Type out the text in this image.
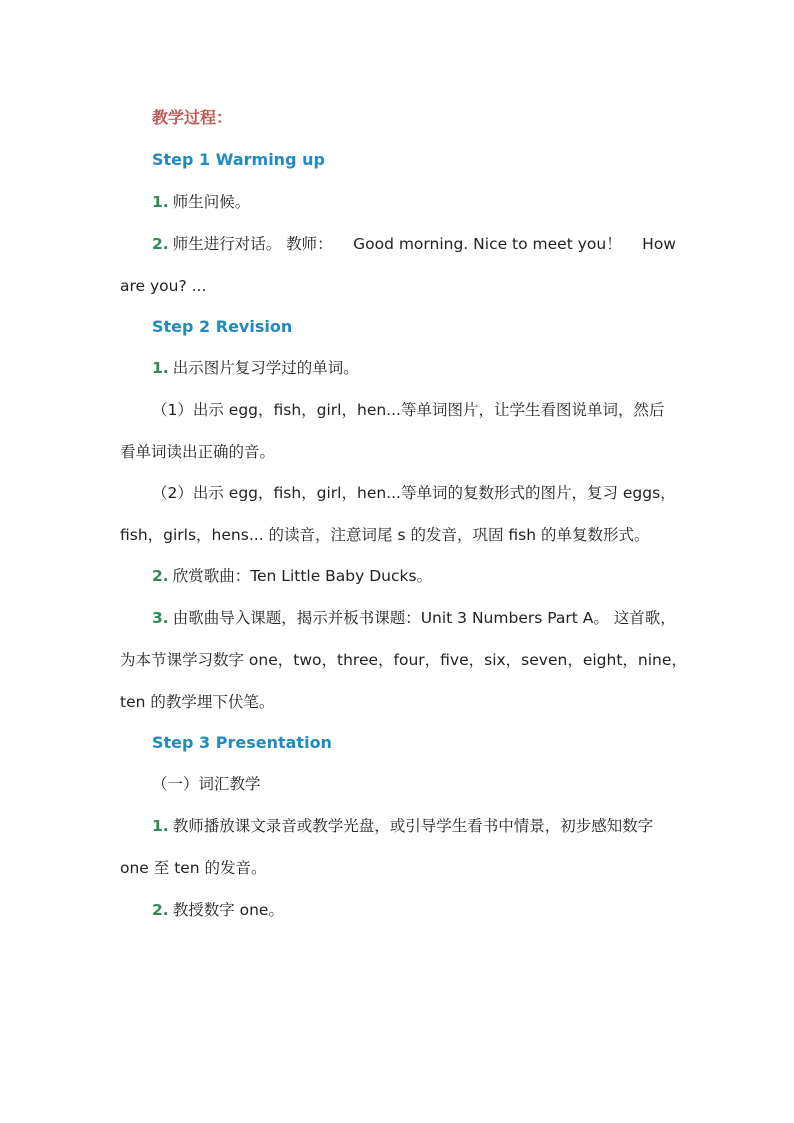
教学过程：
Step 1 Warming up
1. 师生问候。
2. 师生进行对话。 教师： Good morning. Nice to meet you！ How
are you? ...
Step 2 Revision
1. 出示图片复习学过的单词。
（1）出示 egg，fish，girl，hen...等单词图片，让学生看图说单词，然后
看单词读出正确的音。
（2）出示 egg，fish，girl，hen...等单词的复数形式的图片，复习 eggs，
fish，girls，hens... 的读音，注意词尾 s 的发音，巩固 fish 的单复数形式。
2. 欣赏歌曲：Ten Little Baby Ducks。
3. 由歌曲导入课题，揭示并板书课题：Unit 3 Numbers Part A。 这首歌，
为本节课学习数字 one，two，three，four，five，six，seven，eight，nine，
ten 的教学埋下伏笔。
Step 3 Presentation
（一）词汇教学
1. 教师播放课文录音或教学光盘，或引导学生看书中情景，初步感知数字
one 至 ten 的发音。
2. 教授数字 one。
